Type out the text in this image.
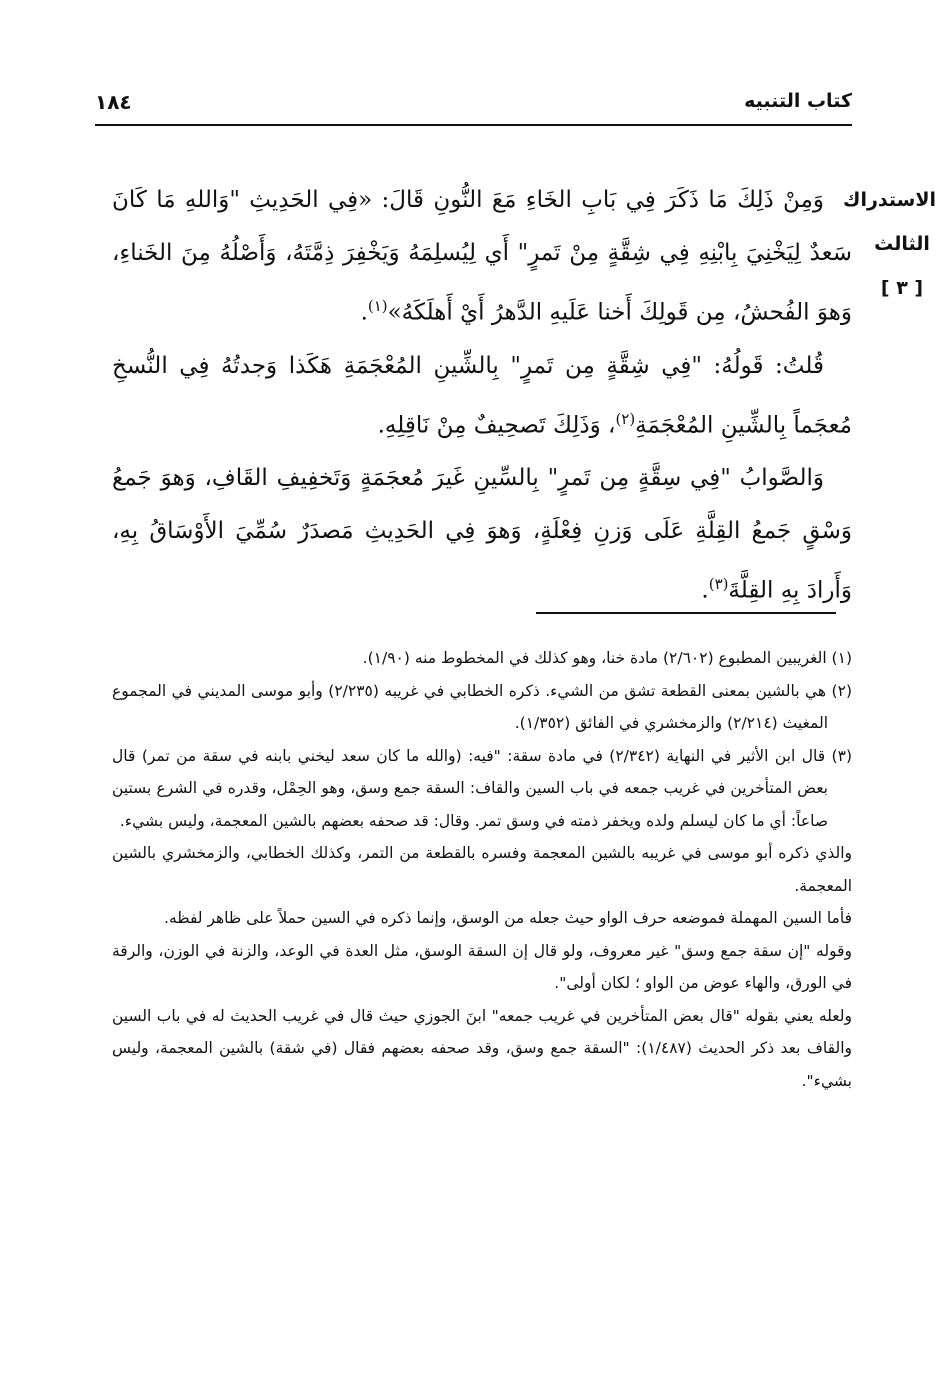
كتاب التنبيه
١٨٤
الاستدراك
الثالث
[ ٣ ]

وَمِنْ ذَلِكَ مَا ذَكَرَ فِي بَابِ الخَاءِ مَعَ النُّونِ قَالَ: «فِي الحَدِيثِ "وَاللهِ مَا كَانَ سَعدٌ لِيَخْنِيَ بِابْنِهِ فِي شِقَّةٍ مِنْ تَمرٍ" أَي لِيُسلِمَهُ وَيَخْفِرَ ذِمَّتَهُ، وَأَصْلُهُ مِنَ الخَناءِ، وَهوَ الفُحشُ، مِن قَولِكَ أَخنا عَلَيهِ الدَّهرُ أَيْ أَهلَكَهُ»$^{(١)}$.

قُلتُ: قَولُهُ: "فِي شِقَّةٍ مِن تَمرٍ" بِالشِّينِ المُعْجَمَةِ هَكَذا وَجدتُهُ فِي النُّسخِ مُعجَماً بِالشِّينِ المُعْجَمَةِ$^{(٢)}$، وَذَلِكَ تَصحِيفٌ مِنْ نَاقِلِهِ.

وَالصَّوابُ "فِي سِقَّةٍ مِن تَمرٍ" بِالسِّينِ غَيرَ مُعجَمَةٍ وَتَخفِيفِ القَافِ، وَهوَ جَمعُ وَسْقٍ جَمعُ القِلَّةِ عَلَى وَزنِ فِعْلَةٍ، وَهوَ فِي الحَدِيثِ مَصدَرٌ سُمِّيَ الأَوْسَاقُ بِهِ، وَأَرادَ بِهِ القِلَّةَ$^{(٣)}$.

(١) الغريبين المطبوع (٢/٦٠٢) مادة خنا، وهو كذلك في المخطوط منه (١/٩٠).

(٢) هي بالشين بمعنى القطعة تشق من الشيء. ذكره الخطابي في غريبه (٢/٢٣٥) وأبو موسى المديني في المجموع المغيث (٢/٢١٤) والزمخشري في الفائق (١/٣٥٢).

(٣) قال ابن الأثير في النهاية (٢/٣٤٢) في مادة سقة: "فيه: (والله ما كان سعد ليخني بابنه في سقة من تمر) قال بعض المتأخرين في غريب جمعه في باب السين والقاف: السقة جمع وسق، وهو الحِمْل، وقدره في الشرع بستين صاعاً: أي ما كان ليسلم ولده ويخفر ذمته في وسق تمر. وقال: قد صحفه بعضهم بالشين المعجمة، وليس بشيء.

والذي ذكره أبو موسى في غريبه بالشين المعجمة وفسره بالقطعة من التمر، وكذلك الخطابي، والزمخشري بالشين المعجمة.

فأما السين المهملة فموضعه حرف الواو حيث جعله من الوسق، وإنما ذكره في السين حملاً على ظاهر لفظه.

وقوله "إن سقة جمع وسق" غير معروف، ولو قال إن السقة الوسق، مثل العدة في الوعد، والزنة في الوزن، والرقة في الورق، والهاء عوض من الواو ؛ لكان أولى".

ولعله يعني بقوله "قال بعض المتأخرين في غريب جمعه" ابنَ الجوزي حيث قال في غريب الحديث له في باب السين والقاف بعد ذكر الحديث (١/٤٨٧): "السقة جمع وسق، وقد صحفه بعضهم فقال (في شقة) بالشين المعجمة، وليس بشيء".
